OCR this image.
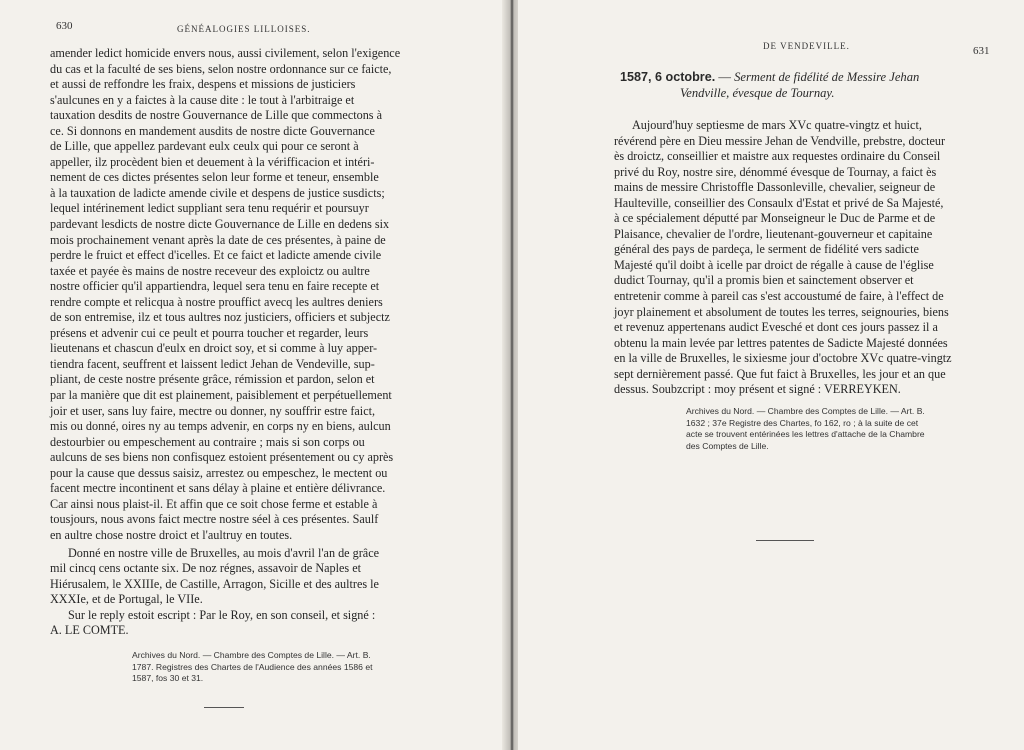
630	GÉNÉALOGIES LILLOISES.
amender ledict homicide envers nous, aussi civilement, selon l'exigence
du cas et la faculté de ses biens, selon nostre ordonnance sur ce faicte,
et aussi de reffondre les fraix, despens et missions de justiciers
s'aulcunes en y a faictes à la cause dite : le tout à l'arbitraige et
tauxation desdits de nostre Gouvernance de Lille que commectons à
ce. Si donnons en mandement ausdits de nostre dicte Gouvernance
de Lille, que appellez pardevant eulx ceulx qui pour ce seront à
appeller, ilz procèdent bien et deuement à la vérifficacion et intéri-
nement de ces dictes présentes selon leur forme et teneur, ensemble
à la tauxation de ladicte amende civile et despens de justice susdicts;
lequel intérinement ledict suppliant sera tenu requérir et poursuyr
pardevant lesdicts de nostre dicte Gouvernance de Lille en dedens six
mois prochainement venant après la date de ces présentes, à paine de
perdre le fruict et effect d'icelles. Et ce faict et ladicte amende civile
taxée et payée ès mains de nostre receveur des exploictz ou aultre
nostre officier qu'il appartiendra, lequel sera tenu en faire recepte et
rendre compte et relicqua à nostre prouffict avecq les aultres deniers
de son entremise, ilz et tous aultres noz justiciers, officiers et subjectz
présens et advenir cui ce peult et pourra toucher et regarder, leurs
lieutenans et chascun d'eulx en droict soy, et si comme à luy apper-
tiendra facent, seuffrent et laissent ledict Jehan de Vendeville, sup-
pliant, de ceste nostre présente grâce, rémission et pardon, selon et
par la manière que dit est plainement, paisiblement et perpétuellement
joir et user, sans luy faire, mectre ou donner, ny souffrir estre faict,
mis ou donné, oires ny au temps advenir, en corps ny en biens, aulcun
destourbier ou empeschement au contraire ; mais si son corps ou
aulcuns de ses biens non confisquez estoient présentement ou cy après
pour la cause que dessus saisiz, arrestez ou empeschez, le mectent ou
facent mectre incontinent et sans délay à plaine et entière délivrance.
Car ainsi nous plaist-il. Et affin que ce soit chose ferme et estable à
tousjours, nous avons faict mectre nostre séel à ces présentes. Saulf
en aultre chose nostre droict et l'aultruy en toutes.
Donné en nostre ville de Bruxelles, au mois d'avril l'an de grâce
mil cincq cens octante six. De noz régnes, assavoir de Naples et
Hiérusalem, le XXIIIe, de Castille, Arragon, Sicille et des aultres le
XXXIe, et de Portugal, le VIIe.
Sur le reply estoit escript : Par le Roy, en son conseil, et signé :
A. LE COMTE.
Archives du Nord. — Chambre des Comptes de Lille. — Art. B.
1787. Registres des Chartes de l'Audience des années 1586 et
1587, fos 30 et 31.
DE VENDEVILLE.	631
1587, 6 octobre. — Serment de fidélité de Messire Jehan
Vendville, évesque de Tournay.
Aujourd'huy septiesme de mars XVc quatre-vingtz et huict,
révérend père en Dieu messire Jehan de Vendville, prebstre, docteur
ès droictz, conseillier et maistre aux requestes ordinaire du Conseil
privé du Roy, nostre sire, dénommé évesque de Tournay, a faict ès
mains de messire Christoffle Dassonleville, chevalier, seigneur de
Haulteville, conseillier des Consaulx d'Estat et privé de Sa Majesté,
à ce spécialement députté par Monseigneur le Duc de Parme et de
Plaisance, chevalier de l'ordre, lieutenant-gouverneur et capitaine
général des pays de pardeça, le serment de fidélité vers sadicte
Majesté qu'il doibt à icelle par droict de régalle à cause de l'église
dudict Tournay, qu'il a promis bien et sainctement observer et
entretenir comme à pareil cas s'est accoustumé de faire, à l'effect de
joyr plainement et absolument de toutes les terres, seignouries, biens
et revenuz appertenans audict Evesché et dont ces jours passez il a
obtenu la main levée par lettres patentes de Sadicte Majesté données
en la ville de Bruxelles, le sixiesme jour d'octobre XVc quatre-vingtz
sept dernièrement passé. Que fut faict à Bruxelles, les jour et an que
dessus. Soubzcript : moy présent et signé : VERREYKEN.
Archives du Nord. — Chambre des Comptes de Lille. — Art. B.
1632 ; 37e Registre des Chartes, fo 162, ro ; à la suite de cet
acte se trouvent entérinées les lettres d'attache de la Chambre
des Comptes de Lille.
